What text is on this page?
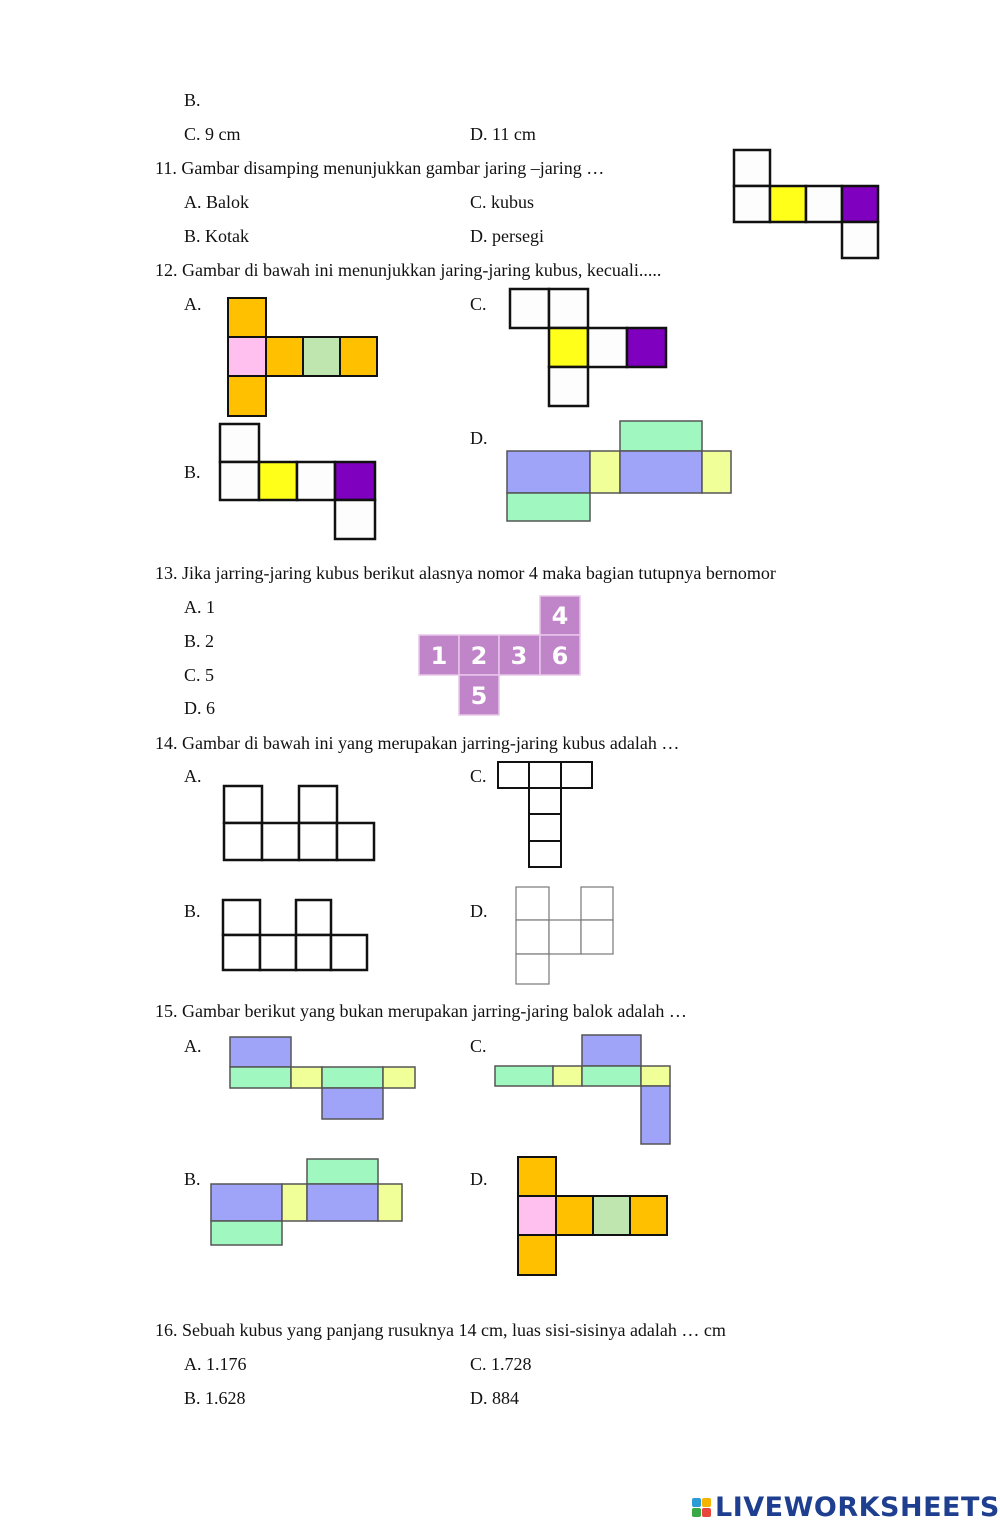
B.
C. 9 cm	D. 11 cm
11. Gambar disamping menunjukkan gambar jaring –jaring …
A. Balok	C. kubus
B. Kotak	D. persegi
12. Gambar di bawah ini menunjukkan jaring-jaring kubus, kecuali.....
A.	C.
B.
D.
13. Jika jarring-jaring kubus berikut alasnya nomor 4 maka bagian tutupnya bernomor
A. 1
B. 2
C. 5
D. 6
14. Gambar di bawah ini yang merupakan jarring-jaring kubus adalah …
A.	C.
B.	D.
15. Gambar berikut yang bukan merupakan jarring-jaring balok adalah …
A.	C.
B.	D.
16. Sebuah kubus yang panjang rusuknya 14 cm, luas sisi-sisinya adalah … cm
A. 1.176	C. 1.728
B. 1.628	D. 884
4
1 2 3 6
5
LIVEWORKSHEETS
